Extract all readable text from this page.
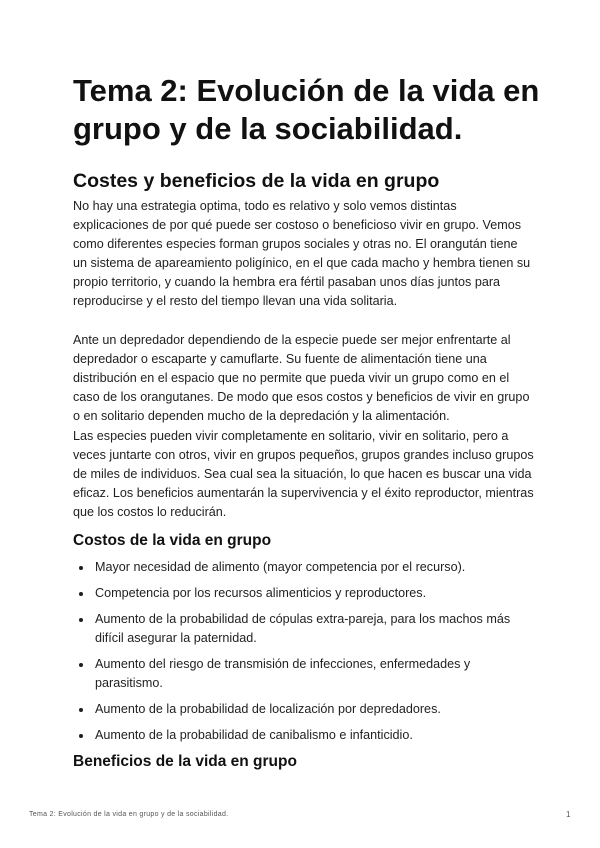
Tema 2: Evolución de la vida en grupo y de la sociabilidad.
Costes y beneficios de la vida en grupo

No hay una estrategia optima, todo es relativo y solo vemos distintas explicaciones de por qué puede ser costoso o beneficioso vivir en grupo. Vemos como diferentes especies forman grupos sociales y otras no. El orangután tiene un sistema de apareamiento poligínico, en el que cada macho y hembra tienen su propio territorio, y cuando la hembra era fértil pasaban unos días juntos para reproducirse y el resto del tiempo llevan una vida solitaria.

Ante un depredador dependiendo de la especie puede ser mejor enfrentarte al depredador o escaparte y camuflarte. Su fuente de alimentación tiene una distribución en el espacio que no permite que pueda vivir un grupo como en el caso de los orangutanes. De modo que esos costos y beneficios de vivir en grupo o en solitario dependen mucho de la depredación y la alimentación.

Las especies pueden vivir completamente en solitario, vivir en solitario, pero a veces juntarte con otros, vivir en grupos pequeños, grupos grandes incluso grupos de miles de individuos. Sea cual sea la situación, lo que hacen es buscar una vida eficaz. Los beneficios aumentarán la supervivencia y el éxito reproductor, mientras que los costos lo reducirán.

Costos de la vida en grupo
Mayor necesidad de alimento (mayor competencia por el recurso).
Competencia por los recursos alimenticios y reproductores.
Aumento de la probabilidad de cópulas extra-pareja, para los machos más difícil asegurar la paternidad.
Aumento del riesgo de transmisión de infecciones, enfermedades y parasitismo.
Aumento de la probabilidad de localización por depredadores.
Aumento de la probabilidad de canibalismo e infanticidio.
Beneficios de la vida en grupo
Tema 2: Evolución de la vida en grupo y de la sociabilidad.	1
